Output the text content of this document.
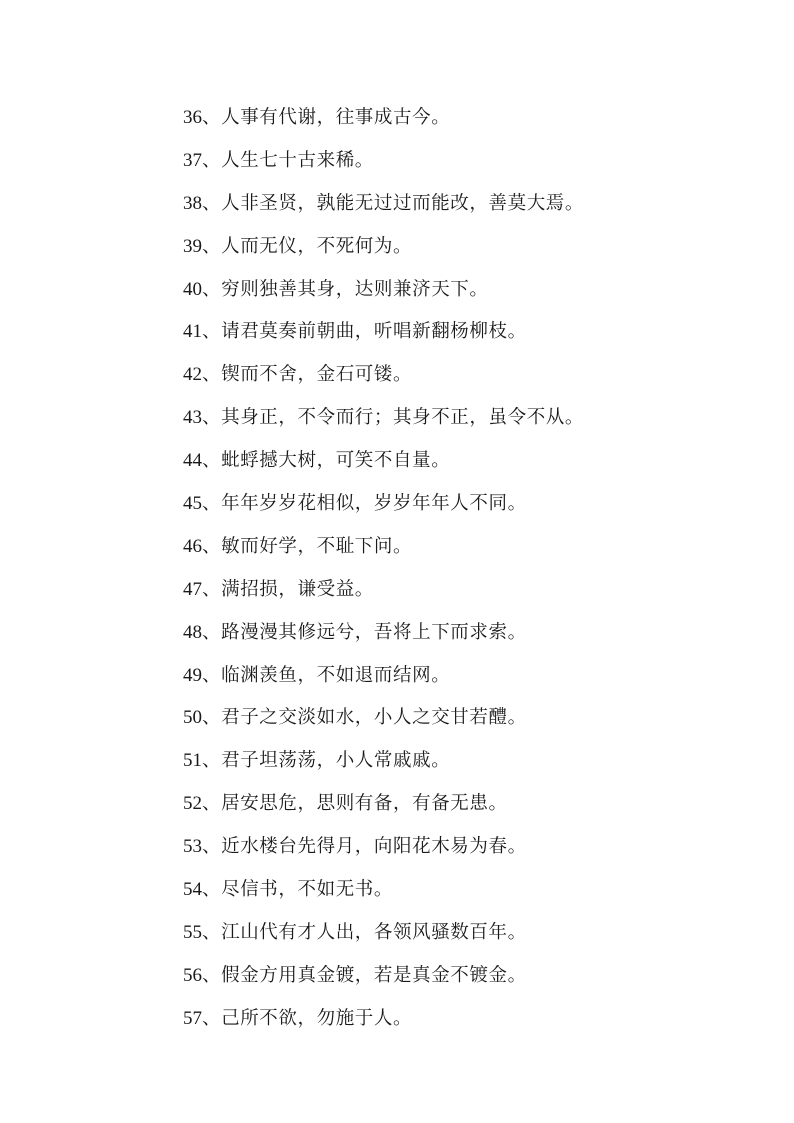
36、人事有代谢，往事成古今。
37、人生七十古来稀。
38、人非圣贤，孰能无过过而能改，善莫大焉。
39、人而无仪，不死何为。
40、穷则独善其身，达则兼济天下。
41、请君莫奏前朝曲，听唱新翻杨柳枝。
42、锲而不舍，金石可镂。
43、其身正，不令而行；其身不正，虽令不从。
44、蚍蜉撼大树，可笑不自量。
45、年年岁岁花相似，岁岁年年人不同。
46、敏而好学，不耻下问。
47、满招损，谦受益。
48、路漫漫其修远兮，吾将上下而求索。
49、临渊羡鱼，不如退而结网。
50、君子之交淡如水，小人之交甘若醴。
51、君子坦荡荡，小人常戚戚。
52、居安思危，思则有备，有备无患。
53、近水楼台先得月，向阳花木易为春。
54、尽信书，不如无书。
55、江山代有才人出，各领风骚数百年。
56、假金方用真金镀，若是真金不镀金。
57、己所不欲，勿施于人。
